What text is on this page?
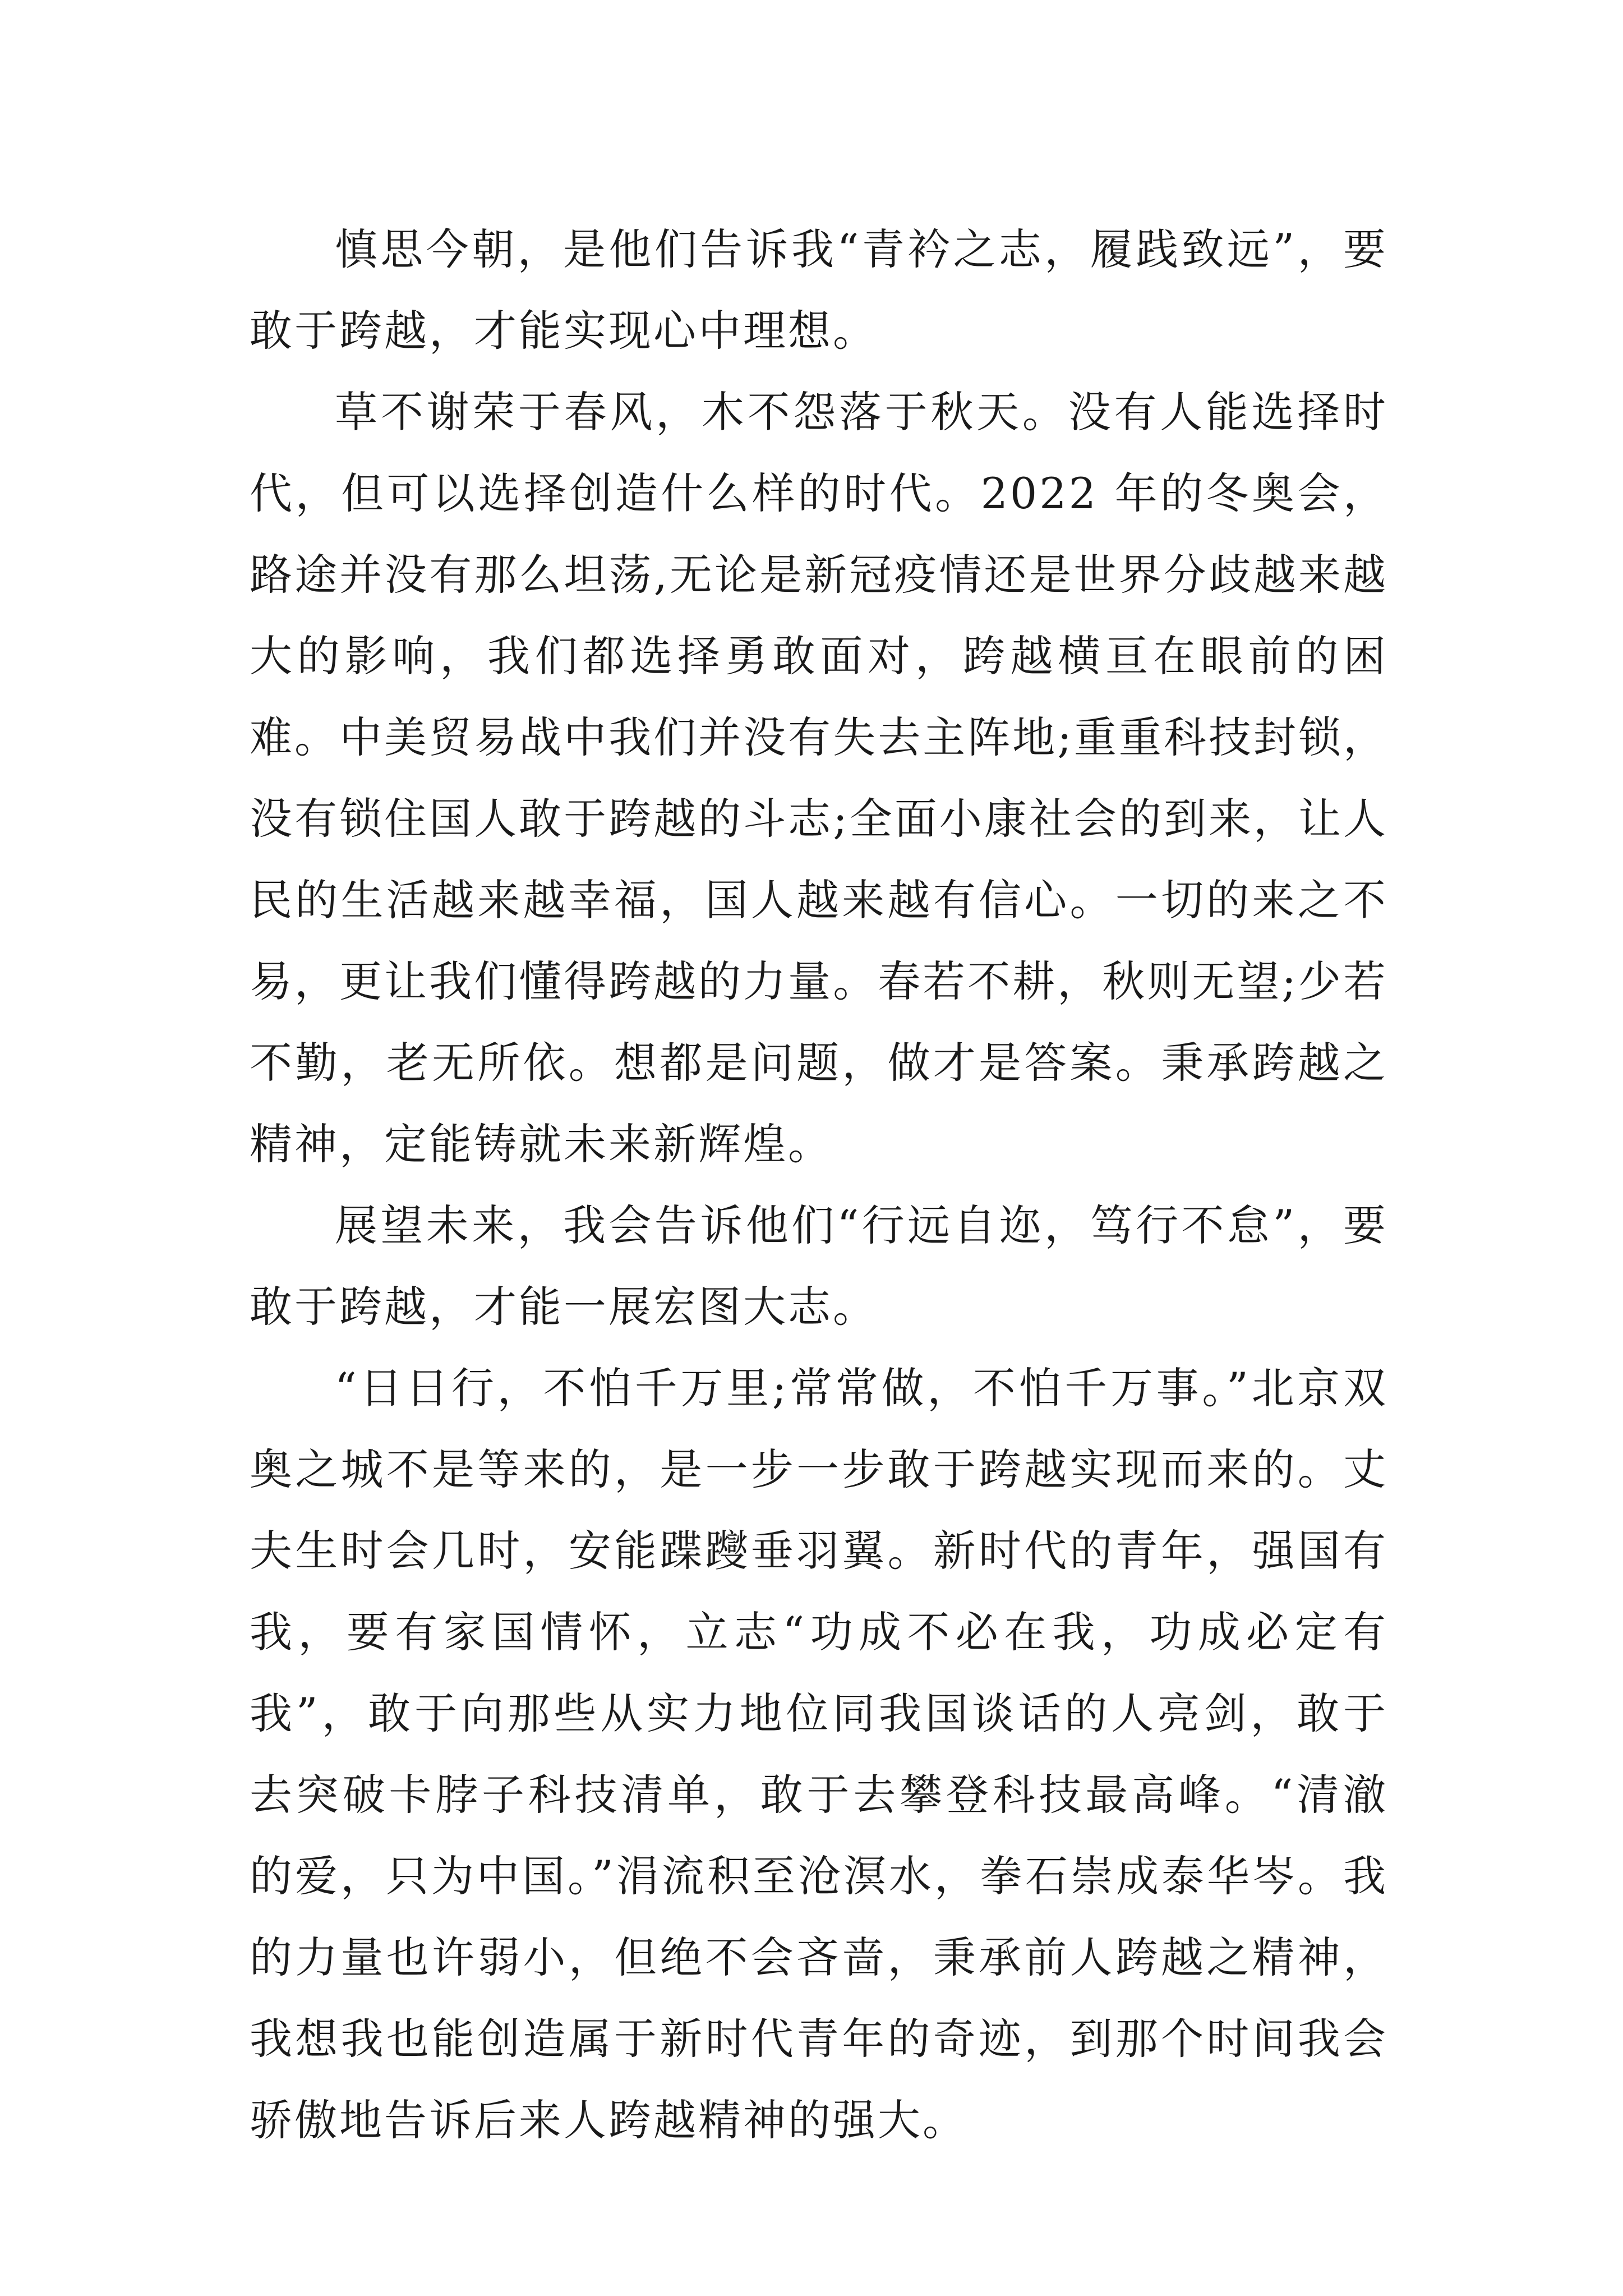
慎思今朝，是他们告诉我“青衿之志，履践致远”，要敢于跨越，才能实现心中理想。

草不谢荣于春风，木不怨落于秋天。没有人能选择时代，但可以选择创造什么样的时代。2022 年的冬奥会，路途并没有那么坦荡,无论是新冠疫情还是世界分歧越来越大的影响，我们都选择勇敢面对，跨越横亘在眼前的困难。中美贸易战中我们并没有失去主阵地;重重科技封锁，没有锁住国人敢于跨越的斗志;全面小康社会的到来，让人民的生活越来越幸福，国人越来越有信心。一切的来之不易，更让我们懂得跨越的力量。春若不耕，秋则无望;少若不勤，老无所依。想都是问题，做才是答案。秉承跨越之精神，定能铸就未来新辉煌。

展望未来，我会告诉他们“行远自迩，笃行不怠”，要敢于跨越，才能一展宏图大志。

“日日行，不怕千万里;常常做，不怕千万事。”北京双奥之城不是等来的，是一步一步敢于跨越实现而来的。丈夫生时会几时，安能蹀躞垂羽翼。新时代的青年，强国有我，要有家国情怀，立志“功成不必在我，功成必定有我”，敢于向那些从实力地位同我国谈话的人亮剑，敢于去突破卡脖子科技清单，敢于去攀登科技最高峰。“清澈的爱，只为中国。”涓流积至沧溟水，拳石崇成泰华岑。我的力量也许弱小，但绝不会吝啬，秉承前人跨越之精神，我想我也能创造属于新时代青年的奇迹，到那个时间我会骄傲地告诉后来人跨越精神的强大。
